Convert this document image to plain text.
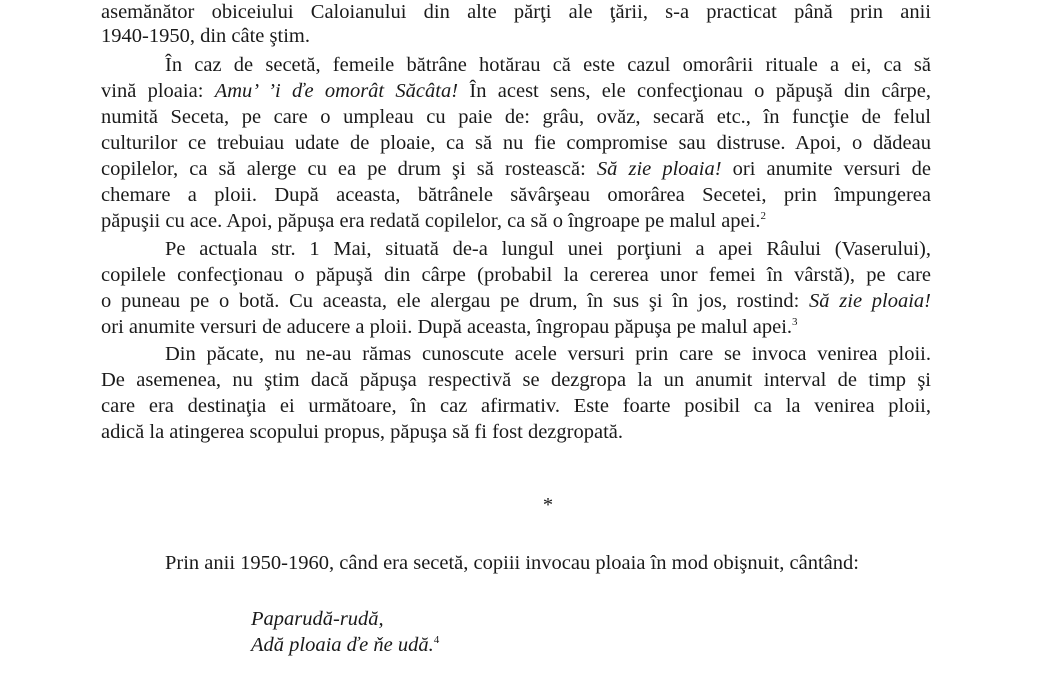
asemănător obiceiului Caloianului din alte părţi ale ţării, s-a practicat până prin anii
1940-1950, din câte ştim.
În caz de secetă, femeile bătrâne hotărau că este cazul omorârii rituale a ei, ca să
vină ploaia: Amu’ ’i ďe omorât Săcâta! În acest sens, ele confecţionau o păpuşă din cârpe,
numită Seceta, pe care o umpleau cu paie de: grâu, ovăz, secară etc., în funcţie de felul
culturilor ce trebuiau udate de ploaie, ca să nu fie compromise sau distruse. Apoi, o dădeau
copilelor, ca să alerge cu ea pe drum şi să rostească: Să zie ploaia! ori anumite versuri de
chemare a ploii. După aceasta, bătrânele săvârşeau omorârea Secetei, prin împungerea
păpuşii cu ace. Apoi, păpuşa era redată copilelor, ca să o îngroape pe malul apei.$^2$
Pe actuala str. 1 Mai, situată de-a lungul unei porţiuni a apei Râului (Vaserului),
copilele confecţionau o păpuşă din cârpe (probabil la cererea unor femei în vârstă), pe care
o puneau pe o botă. Cu aceasta, ele alergau pe drum, în sus şi în jos, rostind: Să zie ploaia!
ori anumite versuri de aducere a ploii. După aceasta, îngropau păpuşa pe malul apei.$^3$
Din păcate, nu ne-au rămas cunoscute acele versuri prin care se invoca venirea ploii.
De asemenea, nu ştim dacă păpuşa respectivă se dezgropa la un anumit interval de timp şi
care era destinaţia ei următoare, în caz afirmativ. Este foarte posibil ca la venirea ploii,
adică la atingerea scopului propus, păpuşa să fi fost dezgropată.
*
Prin anii 1950-1960, când era secetă, copiii invocau ploaia în mod obişnuit, cântând:
Paparudă-rudă,
Adă ploaia ďe ňe udă.$^4$
